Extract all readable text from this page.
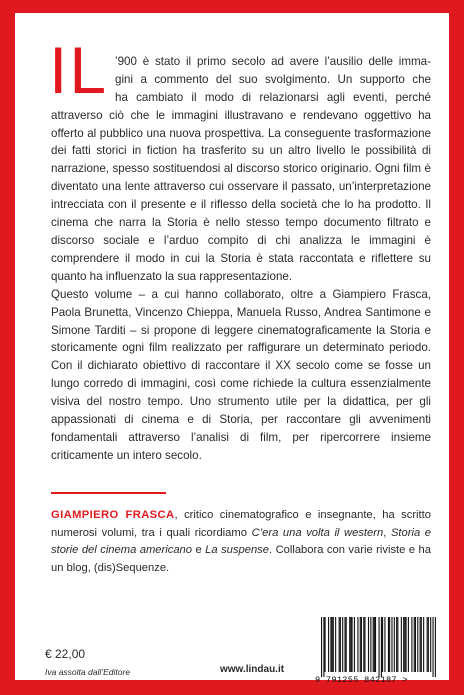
IL ’900 è stato il primo secolo ad avere l’ausilio delle imma-
gini a commento del suo svolgimento. Un supporto che
ha cambiato il modo di relazionarsi agli eventi, perché

attraverso ciò che le immagini illustravano e rendevano oggettivo ha offerto al pubblico una nuova prospettiva. La conseguente trasformazione dei fatti storici in fiction ha trasferito su un altro livello le possibilità di narrazione, spesso sostituendosi al discorso storico originario. Ogni film è diventato una lente attraverso cui osservare il passato, un’interpretazione intrecciata con il presente e il riflesso della società che lo ha prodotto. Il cinema che narra la Storia è nello stesso tempo documento filtrato e discorso sociale e l’arduo compito di chi analizza le immagini è comprendere il modo in cui la Storia è stata raccontata e riflettere su quanto ha influenzato la sua rappresentazione.

Questo volume – a cui hanno collaborato, oltre a Giampiero Frasca, Paola Brunetta, Vincenzo Chieppa, Manuela Russo, Andrea Santimone e Simone Tarditi – si propone di leggere cinematograficamente la Storia e storicamente ogni film realizzato per raffigurare un determinato periodo. Con il dichiarato obiettivo di raccontare il XX secolo come se fosse un lungo corredo di immagini, così come richiede la cultura essenzialmente visiva del nostro tempo. Uno strumento utile per la didattica, per gli appassionati di cinema e di Storia, per raccontare gli avvenimenti fondamentali attraverso l’analisi di film, per ripercorrere insieme criticamente un intero secolo.

GIAMPIERO FRASCA, critico cinematografico e insegnante, ha scritto numerosi volumi, tra i quali ricordiamo C’era una volta il western, Storia e storie del cinema americano e La suspense. Collabora con varie riviste e ha un blog, (dis)Sequenze.
€ 22,00
Iva assolta dall’Editore	www.lindau.it
9 791255 842187 >
